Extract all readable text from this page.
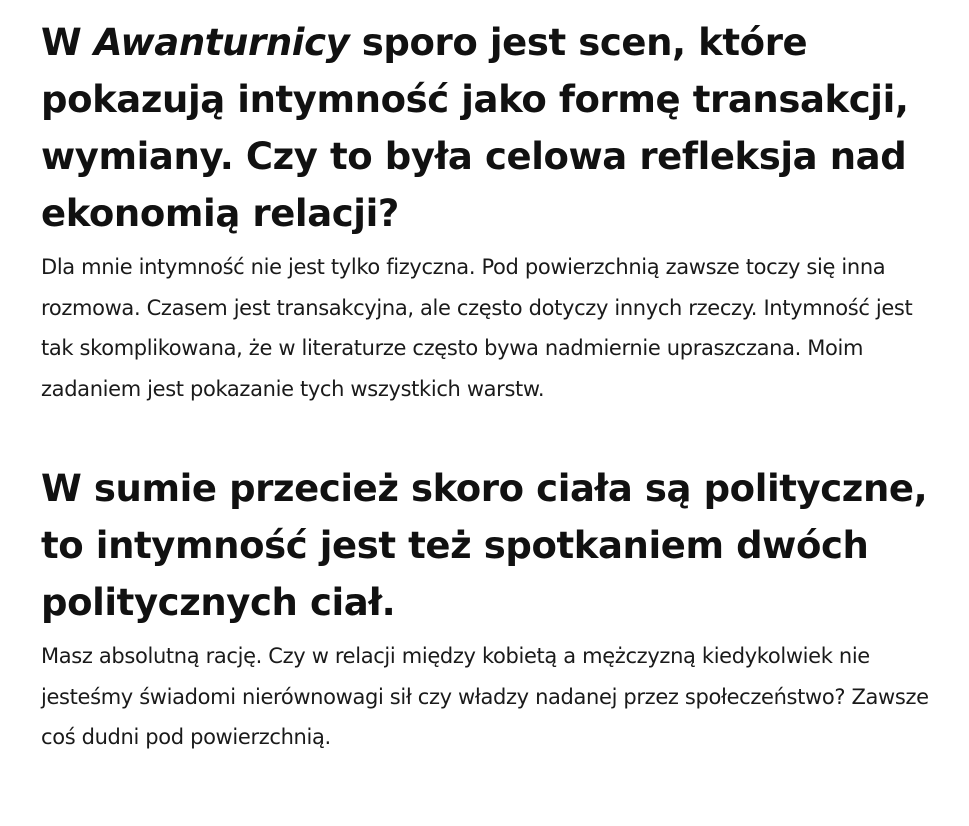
W Awanturnicy sporo jest scen, które pokazują intymność jako formę transakcji, wymiany. Czy to była celowa refleksja nad ekonomią relacji?

Dla mnie intymność nie jest tylko fizyczna. Pod powierzchnią zawsze toczy się inna rozmowa. Czasem jest transakcyjna, ale często dotyczy innych rzeczy. Intymność jest tak skomplikowana, że w literaturze często bywa nadmiernie upraszczana. Moim zadaniem jest pokazanie tych wszystkich warstw.

W sumie przecież skoro ciała są polityczne, to intymność jest też spotkaniem dwóch politycznych ciał.

Masz absolutną rację. Czy w relacji między kobietą a mężczyzną kiedykolwiek nie jesteśmy świadomi nierównowagi sił czy władzy nadanej przez społeczeństwo? Zawsze coś dudni pod powierzchnią.
